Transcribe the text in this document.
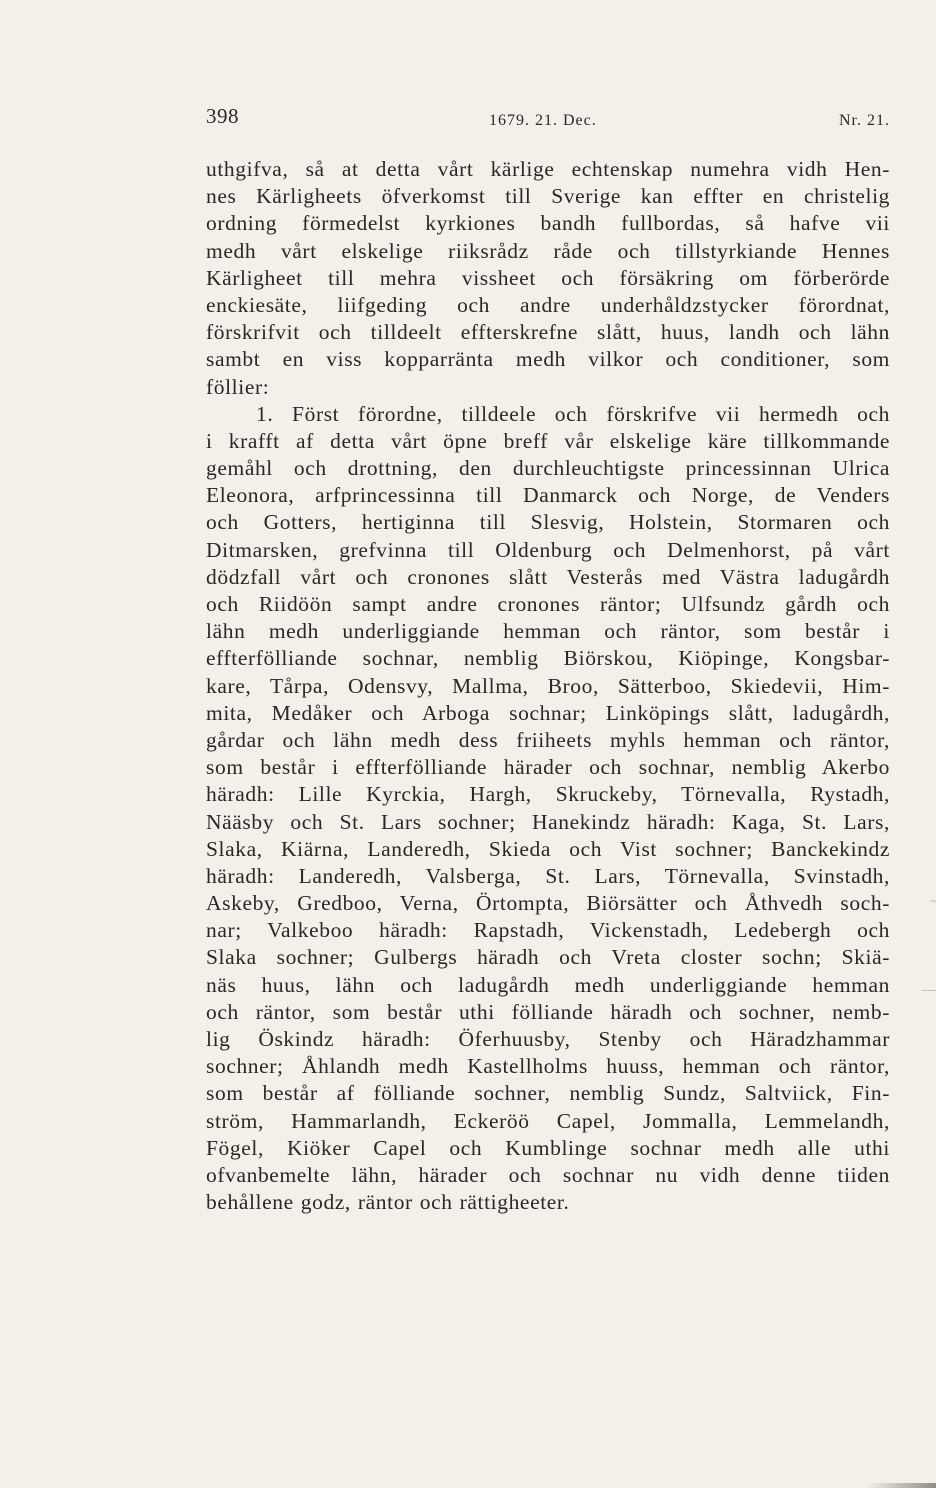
398	1679. 21. Dec.	Nr. 21.
uthgifva, så at detta vårt kärlige echtenskap numehra vidh Hen-
nes Kärligheets öfverkomst till Sverige kan effter en christelig
ordning förmedelst kyrkiones bandh fullbordas, så hafve vii
medh vårt elskelige riiksrådz råde och tillstyrkiande Hennes
Kärligheet till mehra vissheet och försäkring om förberörde
enckiesäte, liifgeding och andre underhåldzstycker förordnat,
förskrifvit och tilldeelt effterskrefne slått, huus, landh och lähn
sambt en viss kopparränta medh vilkor och conditioner, som
föllier:
1. Först förordne, tilldeele och förskrifve vii hermedh och
i krafft af detta vårt öpne breff vår elskelige käre tillkommande
gemåhl och drottning, den durchleuchtigste princessinnan Ulrica
Eleonora, arfprincessinna till Danmarck och Norge, de Venders
och Gotters, hertiginna till Slesvig, Holstein, Stormaren och
Ditmarsken, grefvinna till Oldenburg och Delmenhorst, på vårt
dödzfall vårt och cronones slått Vesterås med Västra ladugårdh
och Riidöön sampt andre cronones räntor; Ulfsundz gårdh och
lähn medh underliggiande hemman och räntor, som består i
effterfölliande sochnar, nemblig Biörskou, Kiöpinge, Kongsbar-
kare, Tårpa, Odensvy, Mallma, Broo, Sätterboo, Skiedevii, Him-
mita, Medåker och Arboga sochnar; Linköpings slått, ladugårdh,
gårdar och lähn medh dess friiheets myhls hemman och räntor,
som består i effterfölliande härader och sochnar, nemblig Akerbo
häradh: Lille Kyrckia, Hargh, Skruckeby, Törnevalla, Rystadh,
Nääsby och St. Lars sochner; Hanekindz häradh: Kaga, St. Lars,
Slaka, Kiärna, Landeredh, Skieda och Vist sochner; Banckekindz
häradh: Landeredh, Valsberga, St. Lars, Törnevalla, Svinstadh,
Askeby, Gredboo, Verna, Örtompta, Biörsätter och Åthvedh soch-
nar; Valkeboo häradh: Rapstadh, Vickenstadh, Ledebergh och
Slaka sochner; Gulbergs häradh och Vreta closter sochn; Skiä-
näs huus, lähn och ladugårdh medh underliggiande hemman
och räntor, som består uthi fölliande häradh och sochner, nemb-
lig Öskindz häradh: Öferhuusby, Stenby och Häradzhammar
sochner; Åhlandh medh Kastellholms huuss, hemman och räntor,
som består af fölliande sochner, nemblig Sundz, Saltviick, Fin-
ström, Hammarlandh, Eckeröö Capel, Jommalla, Lemmelandh,
Fögel, Kiöker Capel och Kumblinge sochnar medh alle uthi
ofvanbemelte lähn, härader och sochnar nu vidh denne tiiden
behållene godz, räntor och rättigheeter.
